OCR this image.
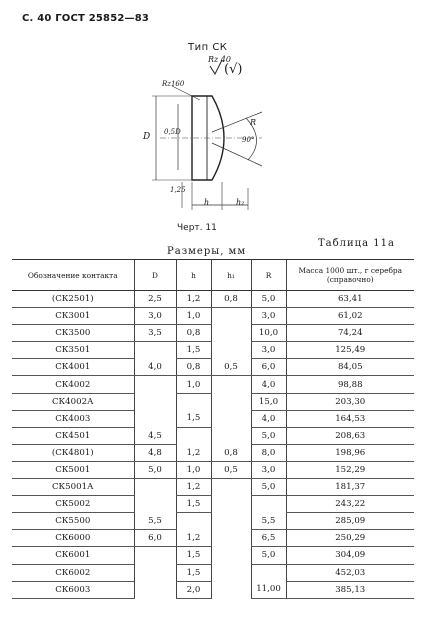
С. 40 ГОСТ 25852—83
Тип СК
Rz 40
(√)
Rz160
D 0,5D
R
90°
1,25
h	h₂
Черт. 11
Таблица 11а
Размеры, мм
Обозначение контакта	D	h	h₁	R	Масса 1000 шт., г серебра (справочно)
(СК2501)	2,5	1,2	0,8	5,0	63,41
СК3001	3,0	1,0		3,0	61,02
СК3500	3,5	0,8		10,0	74,24
СК3501		1,5		3,0	125,49
СК4001	4,0	0,8	0,5	6,0	84,05
СК4002		1,0		4,0	98,88
СК4002А				15,0	203,30
СК4003		1,5		4,0	164,53
СК4501	4,5			5,0	208,63
(СК4801)	4,8	1,2	0,8	8,0	198,96
СК5001	5,0	1,0	0,5	3,0	152,29
СК5001А		1,2		5,0	181,37
СК5002		1,5			243,22
СК5500	5,5			5,5	285,09
СК6000	6,0	1,2		6,5	250,29
СК6001		1,5		5,0	304,09
СК6002		1,5			452,03
СК6003		2,0		11,00	385,13
